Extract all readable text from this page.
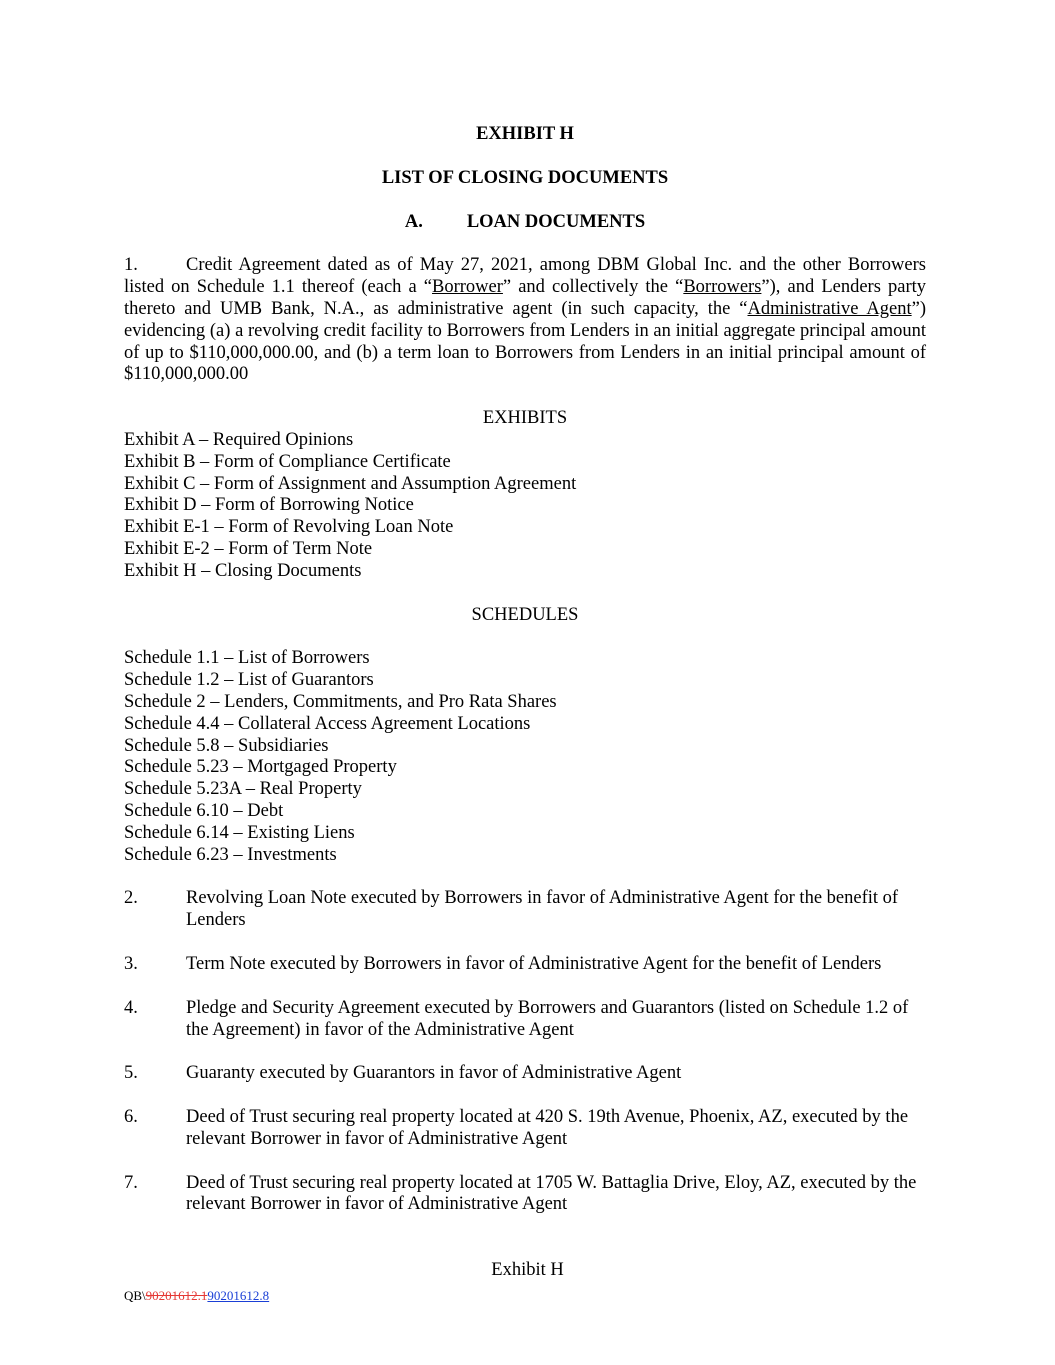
EXHIBIT H
LIST OF CLOSING DOCUMENTS
A. LOAN DOCUMENTS
1.	Credit Agreement dated as of May 27, 2021, among DBM Global Inc. and the other Borrowers listed on Schedule 1.1 thereof (each a “Borrower” and collectively the “Borrowers”), and Lenders party thereto and UMB Bank, N.A., as administrative agent (in such capacity, the “Administrative Agent”) evidencing (a) a revolving credit facility to Borrowers from Lenders in an initial aggregate principal amount of up to $110,000,000.00, and (b) a term loan to Borrowers from Lenders in an initial principal amount of $110,000,000.00
EXHIBITS
Exhibit A – Required Opinions
Exhibit B – Form of Compliance Certificate
Exhibit C – Form of Assignment and Assumption Agreement
Exhibit D – Form of Borrowing Notice
Exhibit E-1 – Form of Revolving Loan Note
Exhibit E-2 – Form of Term Note
Exhibit H – Closing Documents
SCHEDULES
Schedule 1.1 – List of Borrowers
Schedule 1.2 – List of Guarantors
Schedule 2 – Lenders, Commitments, and Pro Rata Shares
Schedule 4.4 – Collateral Access Agreement Locations
Schedule 5.8 – Subsidiaries
Schedule 5.23 – Mortgaged Property
Schedule 5.23A – Real Property
Schedule 6.10 – Debt
Schedule 6.14 – Existing Liens
Schedule 6.23 – Investments
2.	Revolving Loan Note executed by Borrowers in favor of Administrative Agent for the benefit of Lenders
3.	Term Note executed by Borrowers in favor of Administrative Agent for the benefit of Lenders
4.	Pledge and Security Agreement executed by Borrowers and Guarantors (listed on Schedule 1.2 of the Agreement) in favor of the Administrative Agent
5.	Guaranty executed by Guarantors in favor of Administrative Agent
6.	Deed of Trust securing real property located at 420 S. 19th Avenue, Phoenix, AZ, executed by the relevant Borrower in favor of Administrative Agent
7.	Deed of Trust securing real property located at 1705 W. Battaglia Drive, Eloy, AZ, executed by the relevant Borrower in favor of Administrative Agent
Exhibit H
QB\90201612.190201612.8
